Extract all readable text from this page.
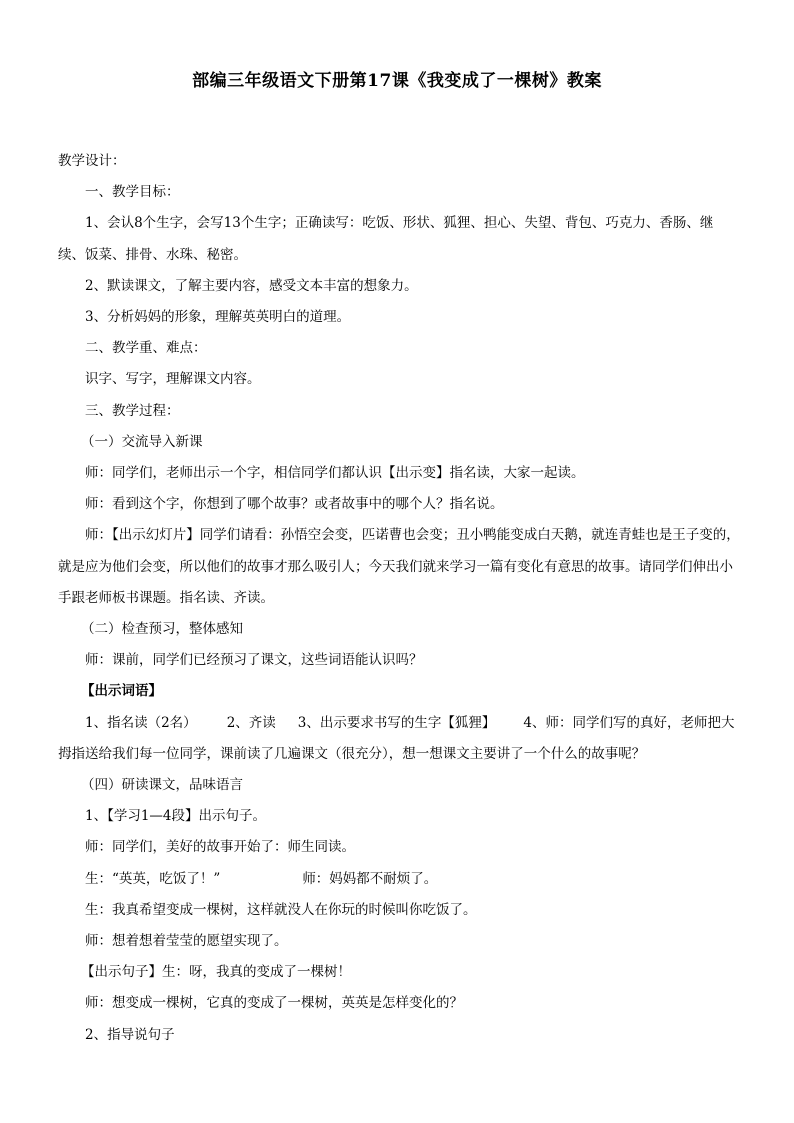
部编三年级语文下册第17课《我变成了一棵树》教案

教学设计：

一、教学目标：

1、会认8个生字，会写13个生字；正确读写：吃饭、形状、狐狸、担心、失望、背包、巧克力、香肠、继续、饭菜、排骨、水珠、秘密。

2、默读课文，了解主要内容，感受文本丰富的想象力。

3、分析妈妈的形象，理解英英明白的道理。

二、教学重、难点：

识字、写字，理解课文内容。

三、教学过程：

（一）交流导入新课

师：同学们，老师出示一个字，相信同学们都认识【出示变】指名读，大家一起读。

师：看到这个字，你想到了哪个故事？或者故事中的哪个人？指名说。

师：【出示幻灯片】同学们请看：孙悟空会变，匹诺曹也会变；丑小鸭能变成白天鹅，就连青蛙也是王子变的，就是应为他们会变，所以他们的故事才那么吸引人；今天我们就来学习一篇有变化有意思的故事。请同学们伸出小手跟老师板书课题。指名读、齐读。

（二）检查预习，整体感知

师：课前，同学们已经预习了课文，这些词语能认识吗？

【出示词语】

1、指名读（2名） 2、齐读 3、出示要求书写的生字【狐狸】 4、师：同学们写的真好，老师把大拇指送给我们每一位同学，课前读了几遍课文（很充分），想一想课文主要讲了一个什么的故事呢？

（四）研读课文，品味语言

1、【学习1—4段】出示句子。

师：同学们，美好的故事开始了：师生同读。

生：“英英，吃饭了！”	师：妈妈都不耐烦了。

生：我真希望变成一棵树，这样就没人在你玩的时候叫你吃饭了。

师：想着想着莹莹的愿望实现了。

【出示句子】生：呀，我真的变成了一棵树！

师：想变成一棵树，它真的变成了一棵树，英英是怎样变化的？

2、指导说句子
